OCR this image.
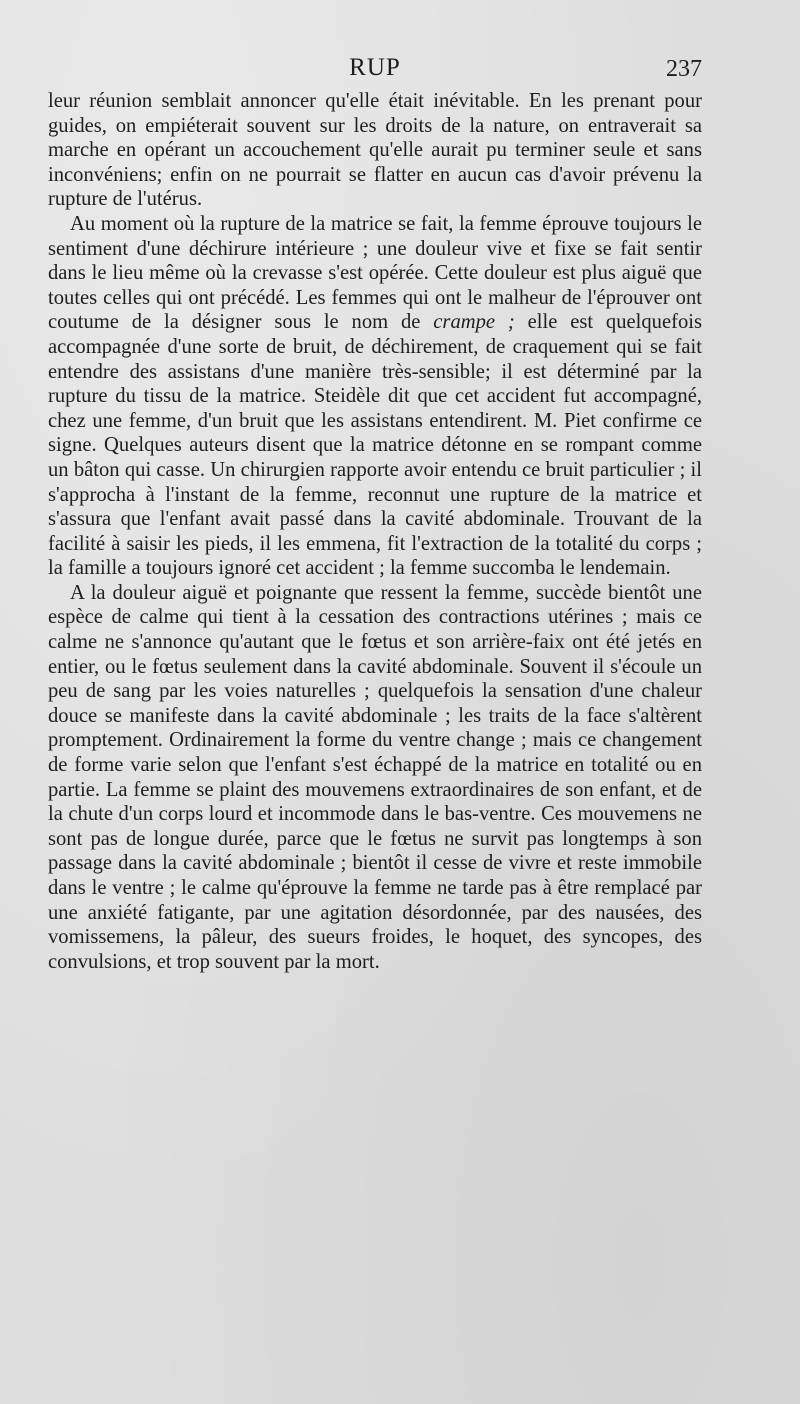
RUP	237

leur réunion semblait annoncer qu'elle était inévitable. En les prenant pour guides, on empiéterait souvent sur les droits de la nature, on entraverait sa marche en opérant un accouchement qu'elle aurait pu terminer seule et sans inconvéniens; enfin on ne pourrait se flatter en aucun cas d'avoir prévenu la rupture de l'utérus.

Au moment où la rupture de la matrice se fait, la femme éprouve toujours le sentiment d'une déchirure intérieure ; une douleur vive et fixe se fait sentir dans le lieu même où la crevasse s'est opérée. Cette douleur est plus aiguë que toutes celles qui ont précédé. Les femmes qui ont le malheur de l'éprouver ont coutume de la désigner sous le nom de crampe ; elle est quelquefois accompagnée d'une sorte de bruit, de déchirement, de craquement qui se fait entendre des assistans d'une manière très-sensible; il est déterminé par la rupture du tissu de la matrice. Steidèle dit que cet accident fut accompagné, chez une femme, d'un bruit que les assistans entendirent. M. Piet confirme ce signe. Quelques auteurs disent que la matrice détonne en se rompant comme un bâton qui casse. Un chirurgien rapporte avoir entendu ce bruit particulier ; il s'approcha à l'instant de la femme, reconnut une rupture de la matrice et s'assura que l'enfant avait passé dans la cavité abdominale. Trouvant de la facilité à saisir les pieds, il les emmena, fit l'extraction de la totalité du corps ; la famille a toujours ignoré cet accident ; la femme succomba le lendemain.

A la douleur aiguë et poignante que ressent la femme, succède bientôt une espèce de calme qui tient à la cessation des contractions utérines ; mais ce calme ne s'annonce qu'autant que le fœtus et son arrière-faix ont été jetés en entier, ou le fœtus seulement dans la cavité abdominale. Souvent il s'écoule un peu de sang par les voies naturelles ; quelquefois la sensation d'une chaleur douce se manifeste dans la cavité abdominale ; les traits de la face s'altèrent promptement. Ordinairement la forme du ventre change ; mais ce changement de forme varie selon que l'enfant s'est échappé de la matrice en totalité ou en partie. La femme se plaint des mouvemens extraordinaires de son enfant, et de la chute d'un corps lourd et incommode dans le bas-ventre. Ces mouvemens ne sont pas de longue durée, parce que le fœtus ne survit pas longtemps à son passage dans la cavité abdominale ; bientôt il cesse de vivre et reste immobile dans le ventre ; le calme qu'éprouve la femme ne tarde pas à être remplacé par une anxiété fatigante, par une agitation désordonnée, par des nausées, des vomissemens, la pâleur, des sueurs froides, le hoquet, des syncopes, des convulsions, et trop souvent par la mort.
